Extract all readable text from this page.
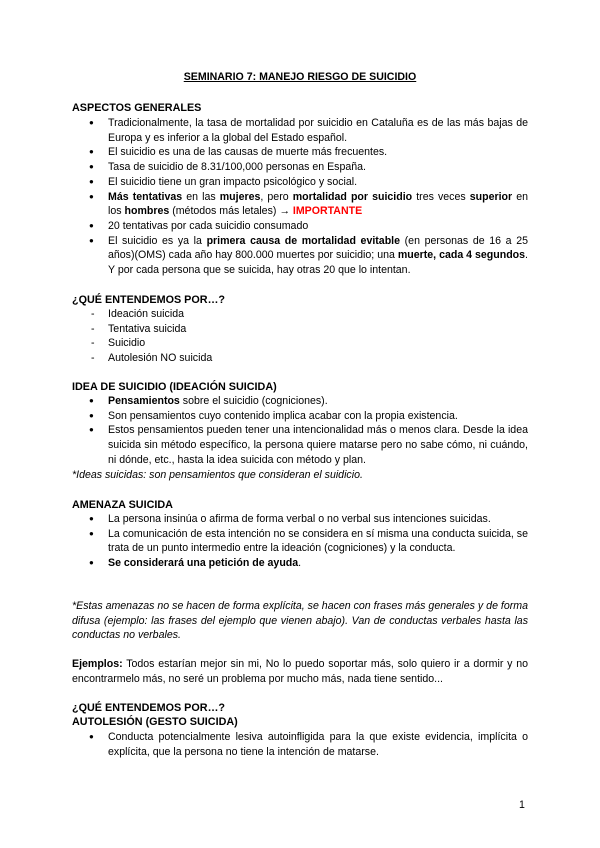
SEMINARIO 7: MANEJO RIESGO DE SUICIDIO
ASPECTOS GENERALES
● Tradicionalmente, la tasa de mortalidad por suicidio en Cataluña es de las más bajas de Europa y es inferior a la global del Estado español.
● El suicidio es una de las causas de muerte más frecuentes.
● Tasa de suicidio de 8.31/100,000 personas en España.
● El suicidio tiene un gran impacto psicológico y social.
● Más tentativas en las mujeres, pero mortalidad por suicidio tres veces superior en los hombres (métodos más letales) → IMPORTANTE
● 20 tentativas por cada suicidio consumado
● El suicidio es ya la primera causa de mortalidad evitable (en personas de 16 a 25 años)(OMS) cada año hay 800.000 muertes por suicidio; una muerte, cada 4 segundos. Y por cada persona que se suicida, hay otras 20 que lo intentan.
¿QUÉ ENTENDEMOS POR…?
- Ideación suicida
- Tentativa suicida
- Suicidio
- Autolesión NO suicida
IDEA DE SUICIDIO (IDEACIÓN SUICIDA)
● Pensamientos sobre el suicidio (cogniciones).
● Son pensamientos cuyo contenido implica acabar con la propia existencia.
● Estos pensamientos pueden tener una intencionalidad más o menos clara. Desde la idea suicida sin método específico, la persona quiere matarse pero no sabe cómo, ni cuándo, ni dónde, etc., hasta la idea suicida con método y plan.

*Ideas suicidas: son pensamientos que consideran el suidicio.

AMENAZA SUICIDA
● La persona insinúa o afirma de forma verbal o no verbal sus intenciones suicidas.
● La comunicación de esta intención no se considera en sí misma una conducta suicida, se trata de un punto intermedio entre la ideación (cogniciones) y la conducta.
● Se considerará una petición de ayuda.

*Estas amenazas no se hacen de forma explícita, se hacen con frases más generales y de forma difusa (ejemplo: las frases del ejemplo que vienen abajo). Van de conductas verbales hasta las conductas no verbales.

Ejemplos: Todos estarían mejor sin mi, No lo puedo soportar más, solo quiero ir a dormir y no encontrarmelo más, no seré un problema por mucho más, nada tiene sentido...

¿QUÉ ENTENDEMOS POR…?
AUTOLESIÓN (GESTO SUICIDA)
● Conducta potencialmente lesiva autoinfligida para la que existe evidencia, implícita o explícita, que la persona no tiene la intención de matarse.
1
